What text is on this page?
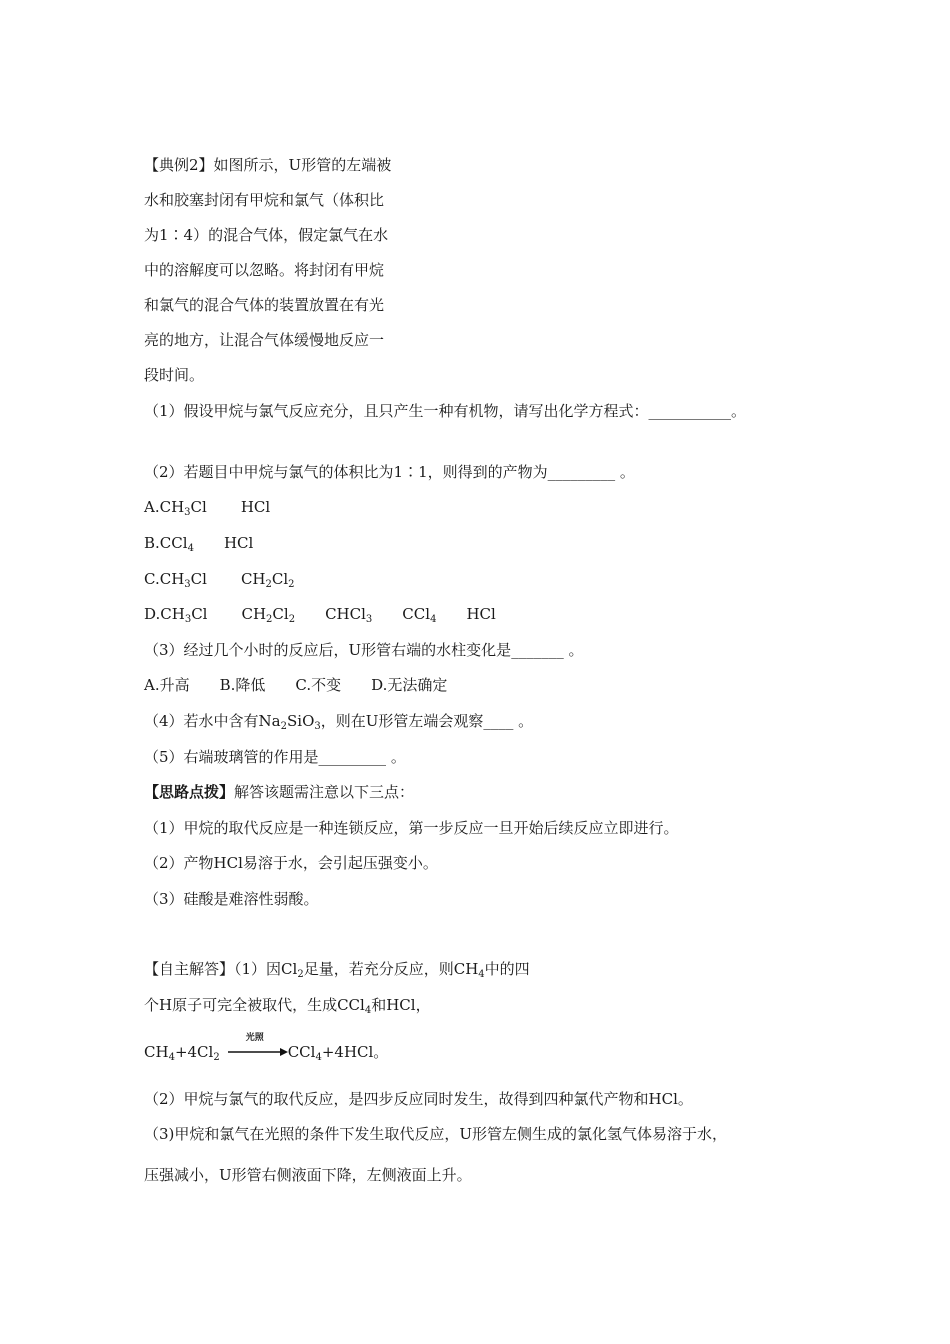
【典例2】如图所示，U形管的左端被
水和胶塞封闭有甲烷和氯气（体积比
为1∶4）的混合气体，假定氯气在水
中的溶解度可以忽略。将封闭有甲烷
和氯气的混合气体的装置放置在有光
亮的地方，让混合气体缓慢地反应一
段时间。
（1）假设甲烷与氯气反应充分，且只产生一种有机物，请写出化学方程式：___________。
（2）若题目中甲烷与氯气的体积比为1∶1，则得到的产物为_________ 。
$A.CH_3Cl$ HCl
B.CCl$_4$ HCl
$C.CH_3Cl$ $CH_2Cl_2$
$D.CH_3Cl$ $CH_2Cl_2$ CHCl$_3$ CCl$_4$ HCl
（3）经过几个小时的反应后，U形管右端的水柱变化是_______ 。
A.升高 B.降低 C.不变 D.无法确定
（4）若水中含有$Na_2SiO_3$，则在U形管左端会观察____ 。
（5）右端玻璃管的作用是_________ 。
【思路点拨】解答该题需注意以下三点：
（1）甲烷的取代反应是一种连锁反应，第一步反应一旦开始后续反应立即进行。
（2）产物HCl易溶于水，会引起压强变小。
（3）硅酸是难溶性弱酸。
【自主解答】（1）因$Cl_2$足量，若充分反应，则$CH_4$中的四
个H原子可完全被取代，生成CCl$_4$和HCl，
$CH_4+4Cl_2$
光照
CCl$_4$+4HCl。
（2）甲烷与氯气的取代反应，是四步反应同时发生，故得到四种氯代产物和HCl。
（3)甲烷和氯气在光照的条件下发生取代反应，U形管左侧生成的氯化氢气体易溶于水，
压强减小，U形管右侧液面下降，左侧液面上升。
